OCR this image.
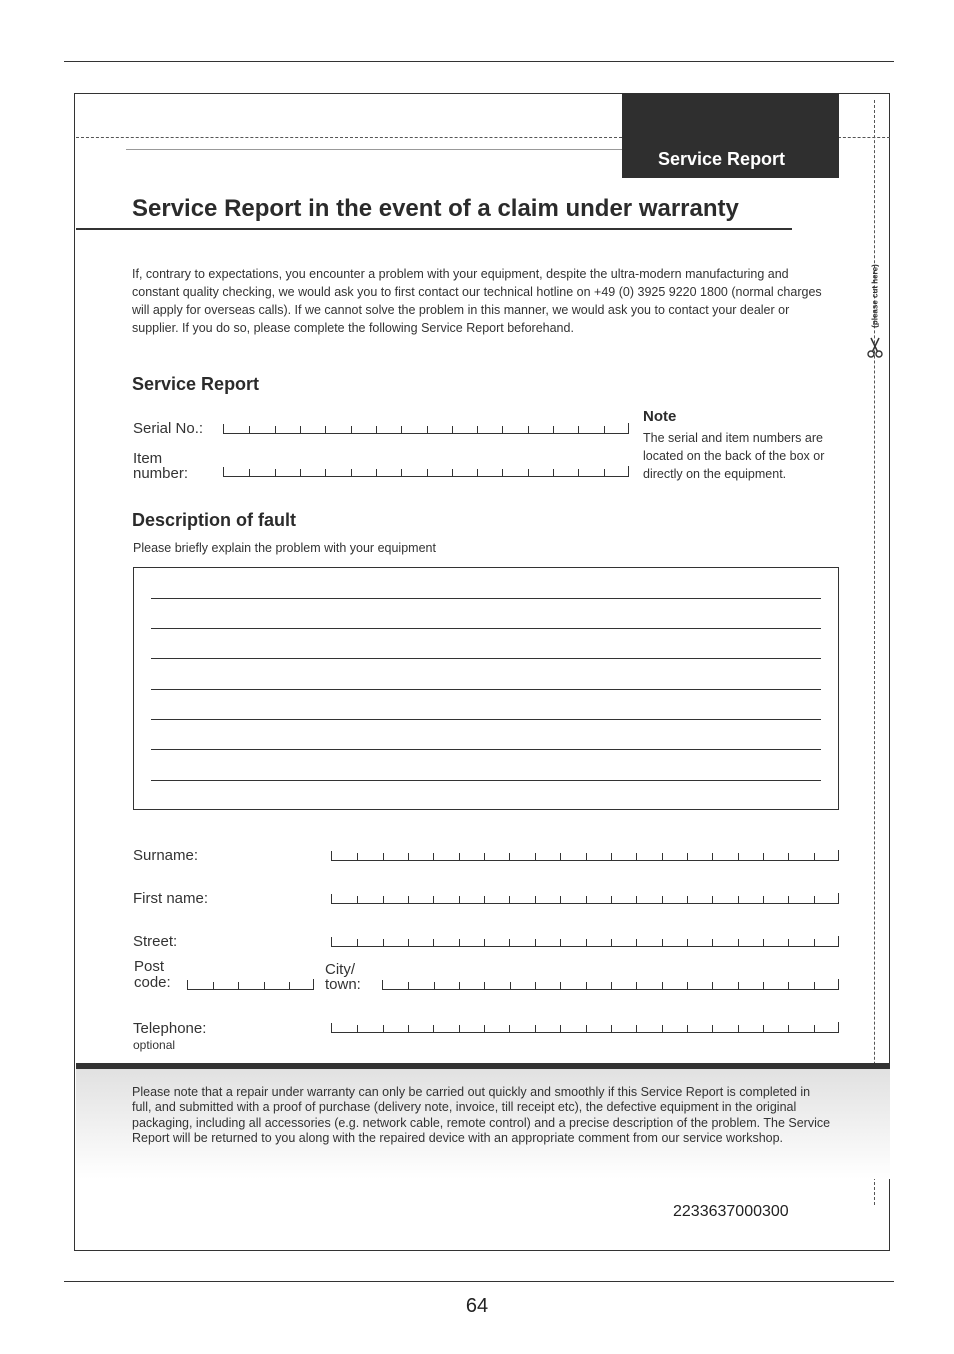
Service Report
(please cut here)
Service Report in the event of a claim under warranty
If, contrary to expectations, you encounter a problem with your equipment, despite the ultra-modern manufacturing and constant quality checking, we would ask you to first contact our technical hotline on +49 (0) 3925 9220 1800 (normal charges will apply for overseas calls). If we cannot solve the problem in this manner, we would ask you to contact your dealer or supplier. If you do so, please complete the following Service Report beforehand.
Service Report
Serial No.:
Item
number:
Note
The serial and item numbers are located on the back of the box or directly on the equipment.
Description of fault
Please briefly explain the problem with your equipment
Surname:
First name:
Street:
Post
code:
City/
town:
Telephone:
optional
Please note that a repair under warranty can only be carried out quickly and smoothly if this Service Report is completed in full, and submitted with a proof of purchase (delivery note, invoice, till receipt etc), the defective equipment in the original packaging, including all accessories (e.g. network cable, remote control) and a precise description of the problem. The Service Report will be returned to you along with the repaired device with an appropriate comment from our service workshop.
2233637000300
64
